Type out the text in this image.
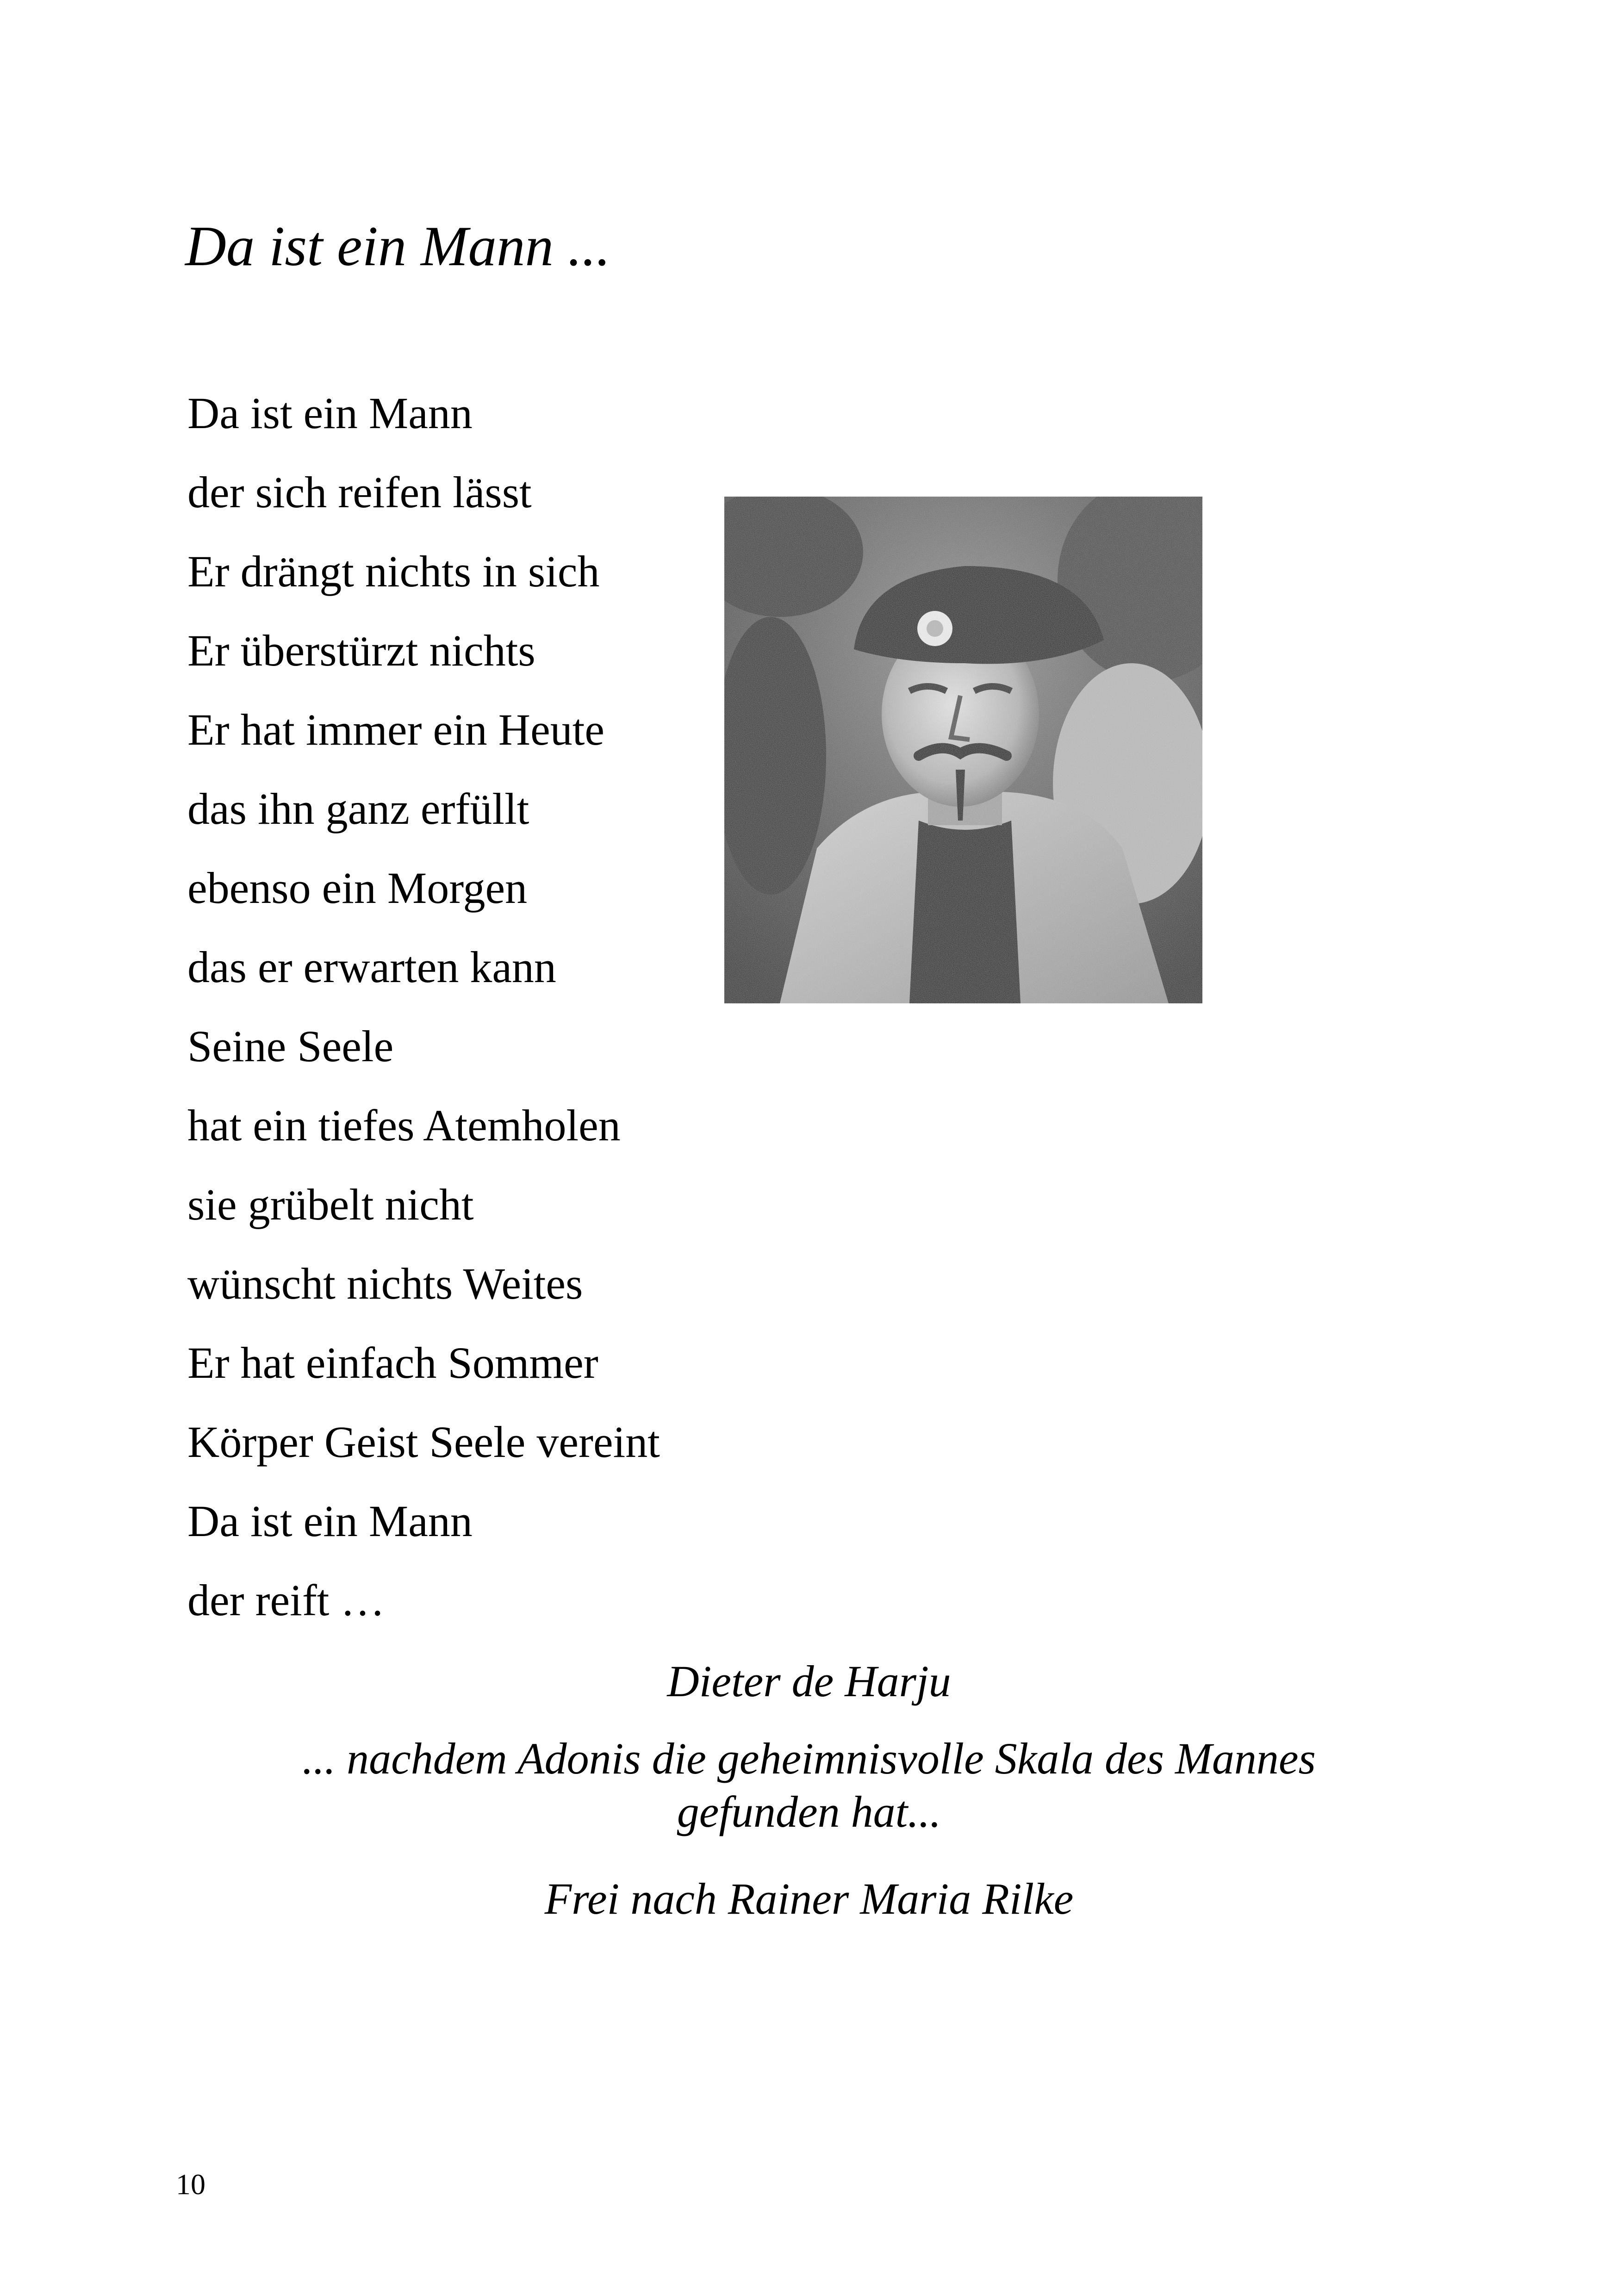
Da ist ein Mann ...
Da ist ein Mann
der sich reifen lässt
Er drängt nichts in sich
Er überstürzt nichts
Er hat immer ein Heute
das ihn ganz erfüllt
ebenso ein Morgen
das er erwarten kann
Seine Seele
hat ein tiefes Atemholen
sie grübelt nicht
wünscht nichts Weites
Er hat einfach Sommer
Körper Geist Seele vereint
Da ist ein Mann
der reift …
Dieter de Harju
... nachdem Adonis die geheimnisvolle Skala des Mannes
gefunden hat...
Frei nach Rainer Maria Rilke
10
